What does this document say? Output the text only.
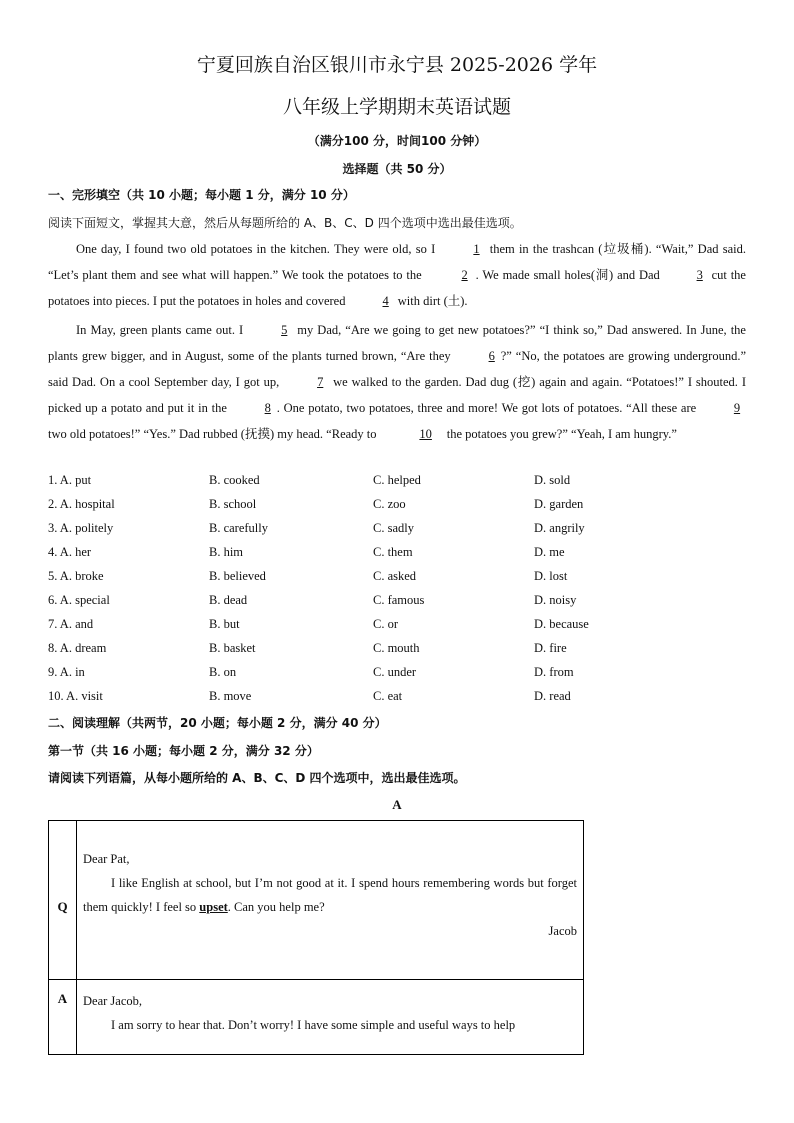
宁夏回族自治区银川市永宁县 2025-2026 学年
八年级上学期期末英语试题
（满分100 分，时间100 分钟）
选择题（共 50 分）
一、完形填空（共 10 小题；每小题 1 分，满分 10 分）
阅读下面短文，掌握其大意，然后从每题所给的 A、B、C、D 四个选项中选出最佳选项。
One day, I found two old potatoes in the kitchen. They were old, so I	1 them in the trashcan (垃圾桶). “Wait,” Dad said. “Let’s plant them and see what will happen.” We took the potatoes to the	2 . We made small holes(洞) and Dad	3 cut the potatoes into pieces. I put the potatoes in holes and covered	4 with dirt (土).
In May, green plants came out. I	5 my Dad, “Are we going to get new potatoes?” “I think so,” Dad answered. In June, the plants grew bigger, and in August, some of the plants turned brown, “Are they	6 ?” “No, the potatoes are growing underground.” said Dad. On a cool September day, I got up,	7 we walked to the garden. Dad dug (挖) again and again. “Potatoes!” I shouted. I picked up a potato and put it in the	8 . One potato, two potatoes, three and more! We got lots of potatoes. “All these are	9 two old potatoes!” “Yes.” Dad rubbed (抚摸) my head. “Ready to	10 the potatoes you grew?” “Yeah, I am hungry.”
1. A. put	B. cooked	C. helped	D. sold
2. A. hospital	B. school	C. zoo	D. garden
3. A. politely	B. carefully	C. sadly	D. angrily
4. A. her	B. him	C. them	D. me
5. A. broke	B. believed	C. asked	D. lost
6. A. special	B. dead	C. famous	D. noisy
7. A. and	B. but	C. or	D. because
8. A. dream	B. basket	C. mouth	D. fire
9. A. in	B. on	C. under	D. from
10. A. visit	B. move	C. eat	D. read
二、阅读理解（共两节，20 小题；每小题 2 分，满分 40 分）
第一节（共 16 小题；每小题 2 分，满分 32 分）
请阅读下列语篇，从每小题所给的 A、B、C、D 四个选项中，选出最佳选项。
A
Q
Dear Pat,
I like English at school, but I’m not good at it. I spend hours remembering words but forget them quickly! I feel so upset. Can you help me?
Jacob
A	Dear Jacob,
I am sorry to hear that. Don’t worry! I have some simple and useful ways to help
